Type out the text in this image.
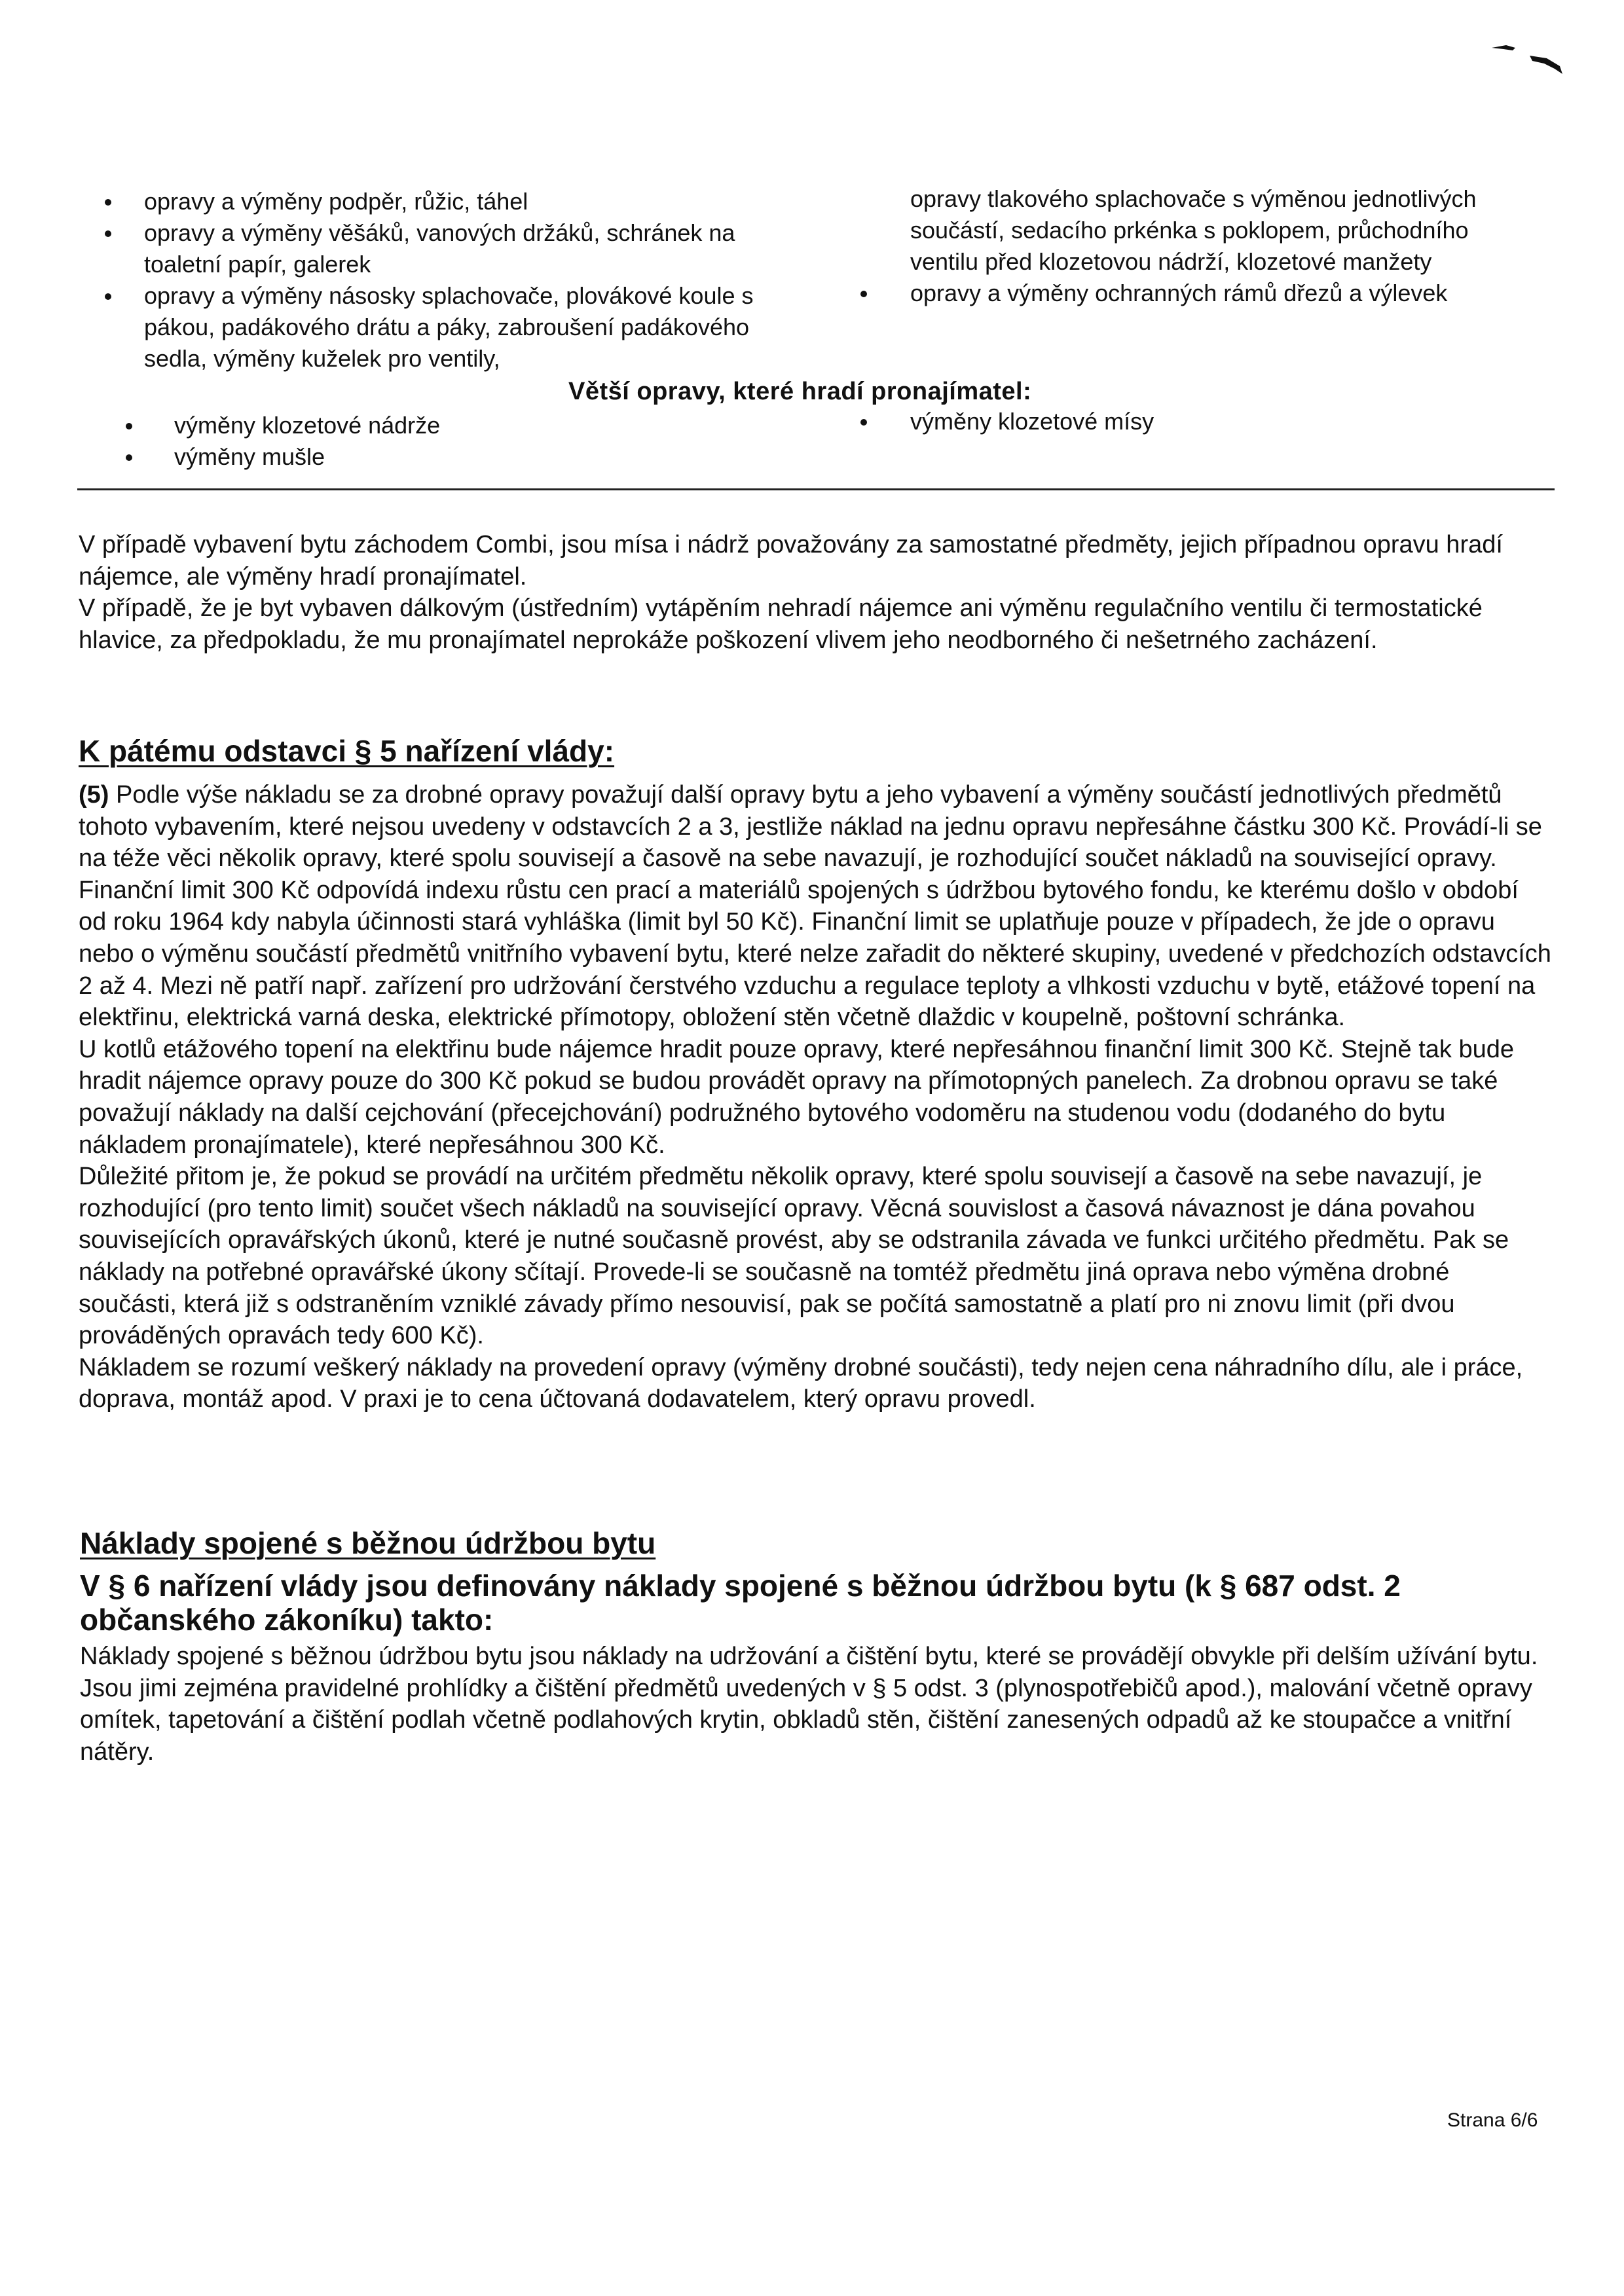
opravy a výměny podpěr, růžic, táhel
opravy a výměny věšáků, vanových držáků, schránek na toaletní papír, galerek
opravy a výměny násosky splachovače, plovákové koule s pákou, padákového drátu a páky, zabroušení padákového sedla, výměny kuželek pro ventily,

opravy tlakového splachovače s výměnou jednotlivých součástí, sedacího prkénka s poklopem, průchodního ventilu před klozetovou nádrží, klozetové manžety

opravy a výměny ochranných rámů dřezů a výlevek
Větší opravy, které hradí pronajímatel:
výměny klozetové nádrže
výměny mušle
výměny klozetové mísy

V případě vybavení bytu záchodem Combi, jsou mísa i nádrž považovány za samostatné předměty, jejich případnou opravu hradí nájemce, ale výměny hradí pronajímatel.

V případě, že je byt vybaven dálkovým (ústředním) vytápěním nehradí nájemce ani výměnu regulačního ventilu či termostatické hlavice, za předpokladu, že mu pronajímatel neprokáže poškození vlivem jeho neodborného či nešetrného zacházení.

K pátému odstavci § 5 nařízení vlády:

(5) Podle výše nákladu se za drobné opravy považují další opravy bytu a jeho vybavení a výměny součástí jednotlivých předmětů tohoto vybavením, které nejsou uvedeny v odstavcích 2 a 3, jestliže náklad na jednu opravu nepřesáhne částku 300 Kč. Provádí-li se na téže věci několik opravy, které spolu souvisejí a časově na sebe navazují, je rozhodující součet nákladů na související opravy.

Finanční limit 300 Kč odpovídá indexu růstu cen prací a materiálů spojených s údržbou bytového fondu, ke kterému došlo v období od roku 1964 kdy nabyla účinnosti stará vyhláška (limit byl 50 Kč). Finanční limit se uplatňuje pouze v případech, že jde o opravu nebo o výměnu součástí předmětů vnitřního vybavení bytu, které nelze zařadit do některé skupiny, uvedené v předchozích odstavcích 2 až 4. Mezi ně patří např. zařízení pro udržování čerstvého vzduchu a regulace teploty a vlhkosti vzduchu v bytě, etážové topení na elektřinu, elektrická varná deska, elektrické přímotopy, obložení stěn včetně dlaždic v koupelně, poštovní schránka.

U kotlů etážového topení na elektřinu bude nájemce hradit pouze opravy, které nepřesáhnou finanční limit 300 Kč. Stejně tak bude hradit nájemce opravy pouze do 300 Kč pokud se budou provádět opravy na přímotopných panelech. Za drobnou opravu se také považují náklady na další cejchování (přecejchování) podružného bytového vodoměru na studenou vodu (dodaného do bytu nákladem pronajímatele), které nepřesáhnou 300 Kč.

Důležité přitom je, že pokud se provádí na určitém předmětu několik opravy, které spolu souvisejí a časově na sebe navazují, je rozhodující (pro tento limit) součet všech nákladů na související opravy. Věcná souvislost a časová návaznost je dána povahou souvisejících opravářských úkonů, které je nutné současně provést, aby se odstranila závada ve funkci určitého předmětu. Pak se náklady na potřebné opravářské úkony sčítají. Provede-li se současně na tomtéž předmětu jiná oprava nebo výměna drobné součásti, která již s odstraněním vzniklé závady přímo nesouvisí, pak se počítá samostatně a platí pro ni znovu limit (při dvou prováděných opravách tedy 600 Kč).

Nákladem se rozumí veškerý náklady na provedení opravy (výměny drobné součásti), tedy nejen cena náhradního dílu, ale i práce, doprava, montáž apod. V praxi je to cena účtovaná dodavatelem, který opravu provedl.

Náklady spojené s běžnou údržbou bytu
V § 6 nařízení vlády jsou definovány náklady spojené s běžnou údržbou bytu (k § 687 odst. 2 občanského zákoníku) takto:
Náklady spojené s běžnou údržbou bytu jsou náklady na udržování a čištění bytu, které se provádějí obvykle při delším užívání bytu. Jsou jimi zejména pravidelné prohlídky a čištění předmětů uvedených v § 5 odst. 3 (plynospotřebičů apod.), malování včetně opravy omítek, tapetování a čištění podlah včetně podlahových krytin, obkladů stěn, čištění zanesených odpadů až ke stoupačce a vnitřní nátěry.
Strana 6/6
